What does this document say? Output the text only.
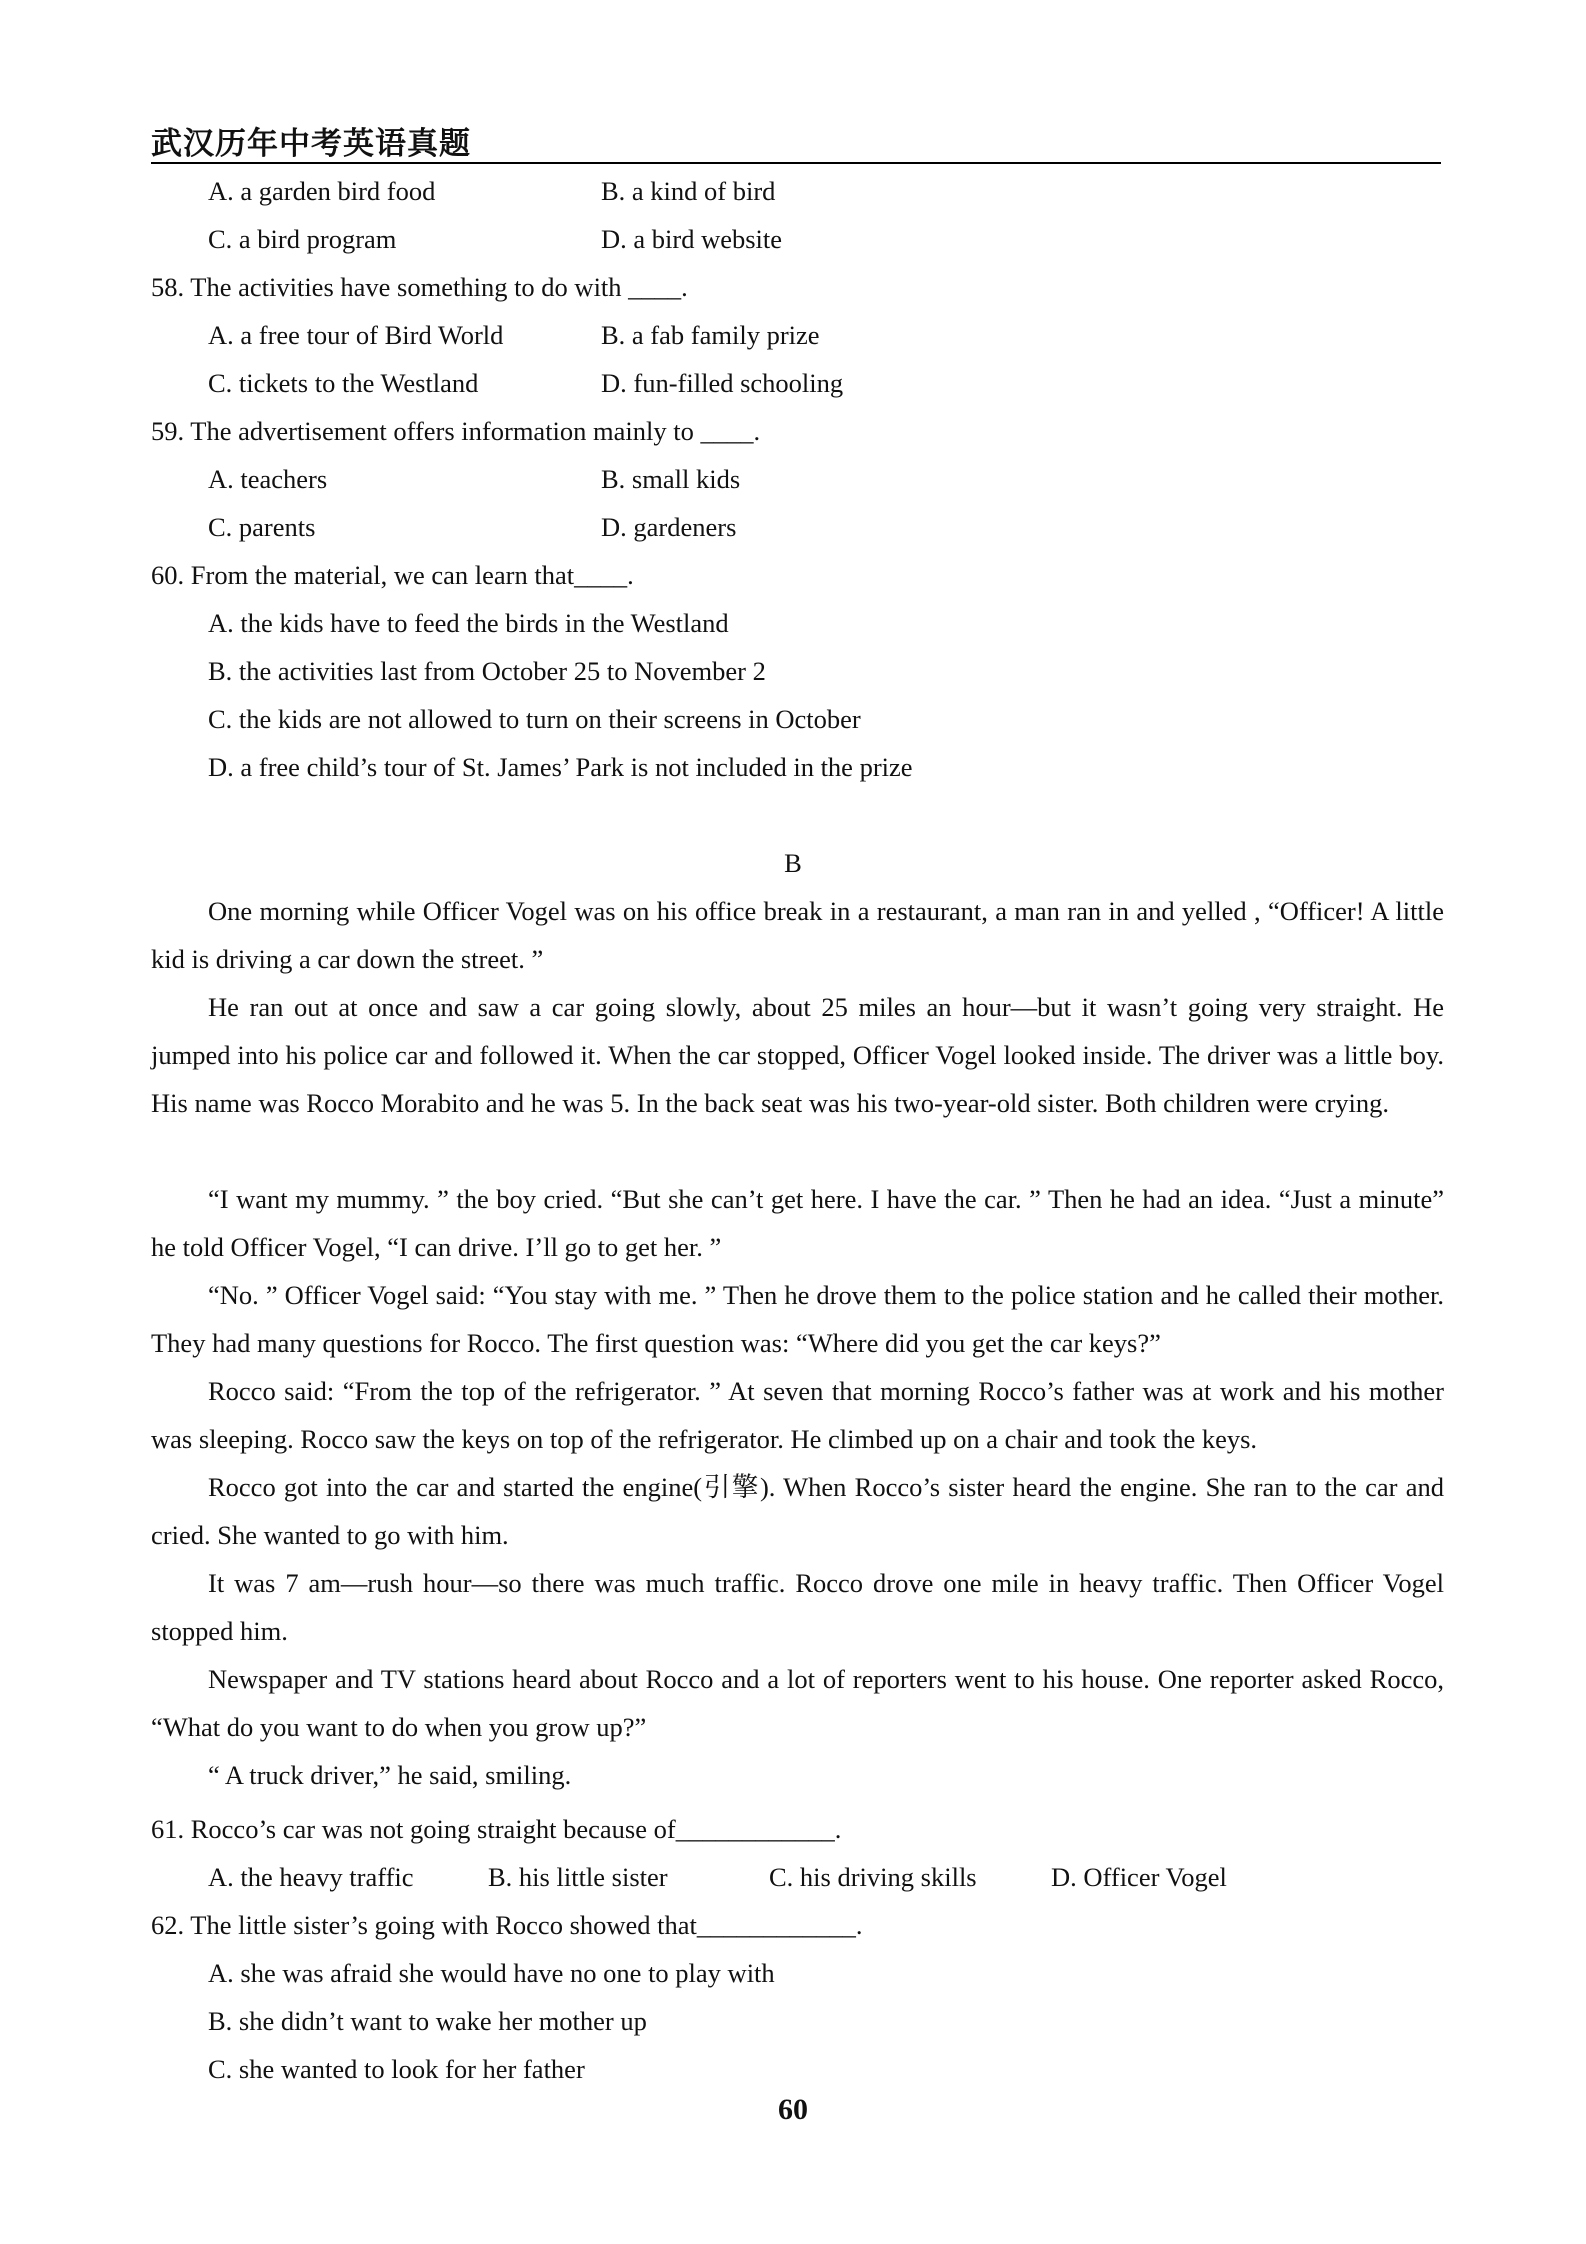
武汉历年中考英语真题
A. a garden bird food	B. a kind of bird
C. a bird program	D. a bird website
58. The activities have something to do with ____.
A. a free tour of Bird World	B. a fab family prize
C. tickets to the Westland	D. fun-filled schooling
59. The advertisement offers information mainly to ____.
A. teachers	B. small kids
C. parents	D. gardeners
60. From the material, we can learn that____.
A. the kids have to feed the birds in the Westland
B. the activities last from October 25 to November 2
C. the kids are not allowed to turn on their screens in October
D. a free child’s tour of St. James’ Park is not included in the prize
B

One morning while Officer Vogel was on his office break in a restaurant, a man ran in and yelled , “Officer! A little kid is driving a car down the street. ”

He ran out at once and saw a car going slowly, about 25 miles an hour—but it wasn’t going very straight. He jumped into his police car and followed it. When the car stopped, Officer Vogel looked inside. The driver was a little boy. His name was Rocco Morabito and he was 5. In the back seat was his two-year-old sister. Both children were crying.

“I want my mummy. ” the boy cried. “But she can’t get here. I have the car. ” Then he had an idea. “Just a minute” he told Officer Vogel, “I can drive. I’ll go to get her. ”

“No. ” Officer Vogel said: “You stay with me. ” Then he drove them to the police station and he called their mother. They had many questions for Rocco. The first question was: “Where did you get the car keys?”

Rocco said: “From the top of the refrigerator. ” At seven that morning Rocco’s father was at work and his mother was sleeping. Rocco saw the keys on top of the refrigerator. He climbed up on a chair and took the keys.

Rocco got into the car and started the engine(引擎). When Rocco’s sister heard the engine. She ran to the car and cried. She wanted to go with him.

It was 7 am—rush hour—so there was much traffic. Rocco drove one mile in heavy traffic. Then Officer Vogel stopped him.

Newspaper and TV stations heard about Rocco and a lot of reporters went to his house. One reporter asked Rocco, “What do you want to do when you grow up?”

“ A truck driver,” he said, smiling.

61. Rocco’s car was not going straight because of____________.
A. the heavy traffic	B. his little sister	C. his driving skills	D. Officer Vogel
62. The little sister’s going with Rocco showed that____________.
A. she was afraid she would have no one to play with
B. she didn’t want to wake her mother up
C. she wanted to look for her father
60
